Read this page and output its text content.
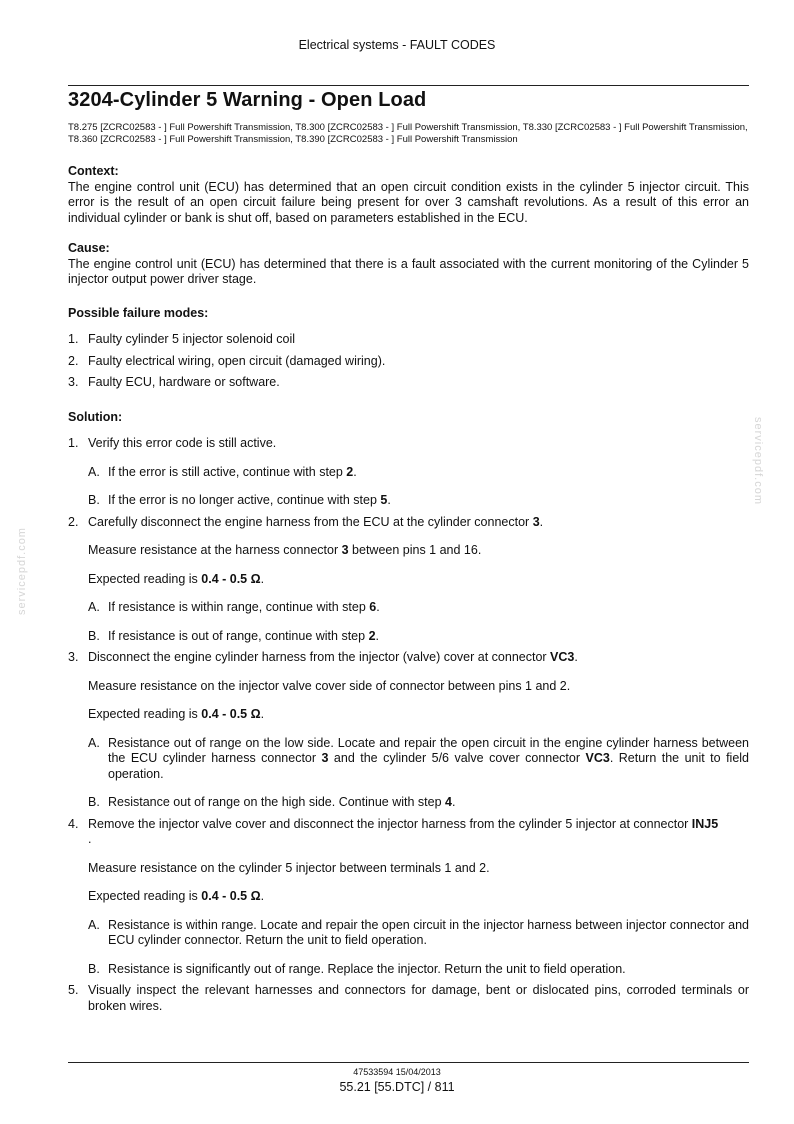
Electrical systems - FAULT CODES
3204-Cylinder 5 Warning - Open Load
T8.275 [ZCRC02583 - ] Full Powershift Transmission, T8.300 [ZCRC02583 - ] Full Powershift Transmission, T8.330 [ZCRC02583 - ] Full Powershift Transmission, T8.360 [ZCRC02583 - ] Full Powershift Transmission, T8.390 [ZCRC02583 - ] Full Powershift Transmission
servicepdf.com
servicepdf.com
Context:

The engine control unit (ECU) has determined that an open circuit condition exists in the cylinder 5 injector circuit. This error is the result of an open circuit failure being present for over 3 camshaft revolutions. As a result of this error an individual cylinder or bank is shut off, based on parameters established in the ECU.

Cause:

The engine control unit (ECU) has determined that there is a fault associated with the current monitoring of the Cylinder 5 injector output power driver stage.

Possible failure modes:
1. Faulty cylinder 5 injector solenoid coil
2. Faulty electrical wiring, open circuit (damaged wiring).
3. Faulty ECU, hardware or software.
Solution:
1. Verify this error code is still active.

A. If the error is still active, continue with step 2.

B. If the error is no longer active, continue with step 5.

2. Carefully disconnect the engine harness from the ECU at the cylinder connector 3.

Measure resistance at the harness connector 3 between pins 1 and 16.

Expected reading is 0.4 - 0.5 Ω.

A. If resistance is within range, continue with step 6.

B. If resistance is out of range, continue with step 2.

3. Disconnect the engine cylinder harness from the injector (valve) cover at connector VC3.

Measure resistance on the injector valve cover side of connector between pins 1 and 2.

Expected reading is 0.4 - 0.5 Ω.

A. Resistance out of range on the low side. Locate and repair the open circuit in the engine cylinder harness between the ECU cylinder harness connector 3 and the cylinder 5/6 valve cover connector VC3. Return the unit to field operation.

B. Resistance out of range on the high side. Continue with step 4.

4. Remove the injector valve cover and disconnect the injector harness from the cylinder 5 injector at connector INJ5
.

Measure resistance on the cylinder 5 injector between terminals 1 and 2.

Expected reading is 0.4 - 0.5 Ω.

A. Resistance is within range. Locate and repair the open circuit in the injector harness between injector connector and ECU cylinder connector. Return the unit to field operation.

B. Resistance is significantly out of range. Replace the injector. Return the unit to field operation.

5. Visually inspect the relevant harnesses and connectors for damage, bent or dislocated pins, corroded terminals or broken wires.

47533594 15/04/2013
55.21 [55.DTC] / 811
